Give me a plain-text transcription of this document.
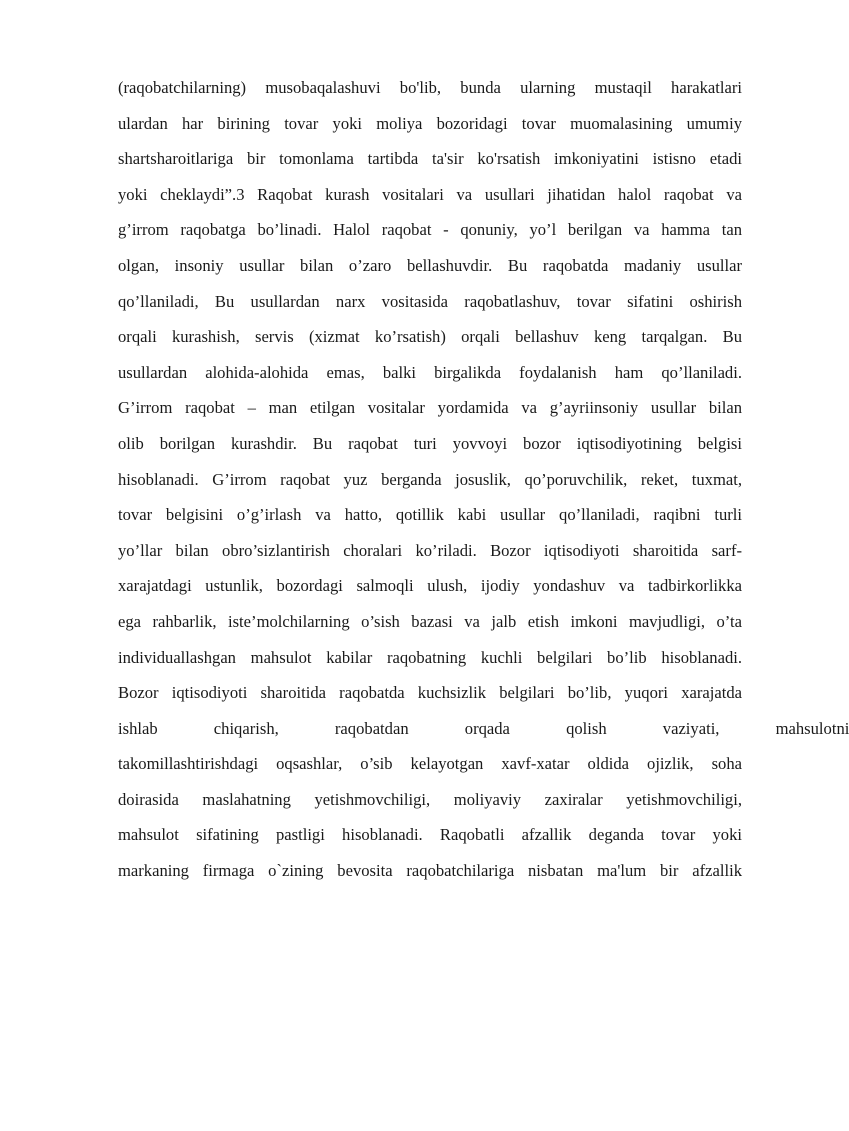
(raqobatchilarning) musobaqalashuvi bo'lib, bunda ularning mustaqil harakatlari
ulardan har birining tovar yoki moliya bozoridagi tovar muomalasining umumiy
shartsharoitlariga bir tomonlama tartibda ta'sir ko'rsatish imkoniyatini istisno etadi
yoki cheklaydi”.3 Raqobat kurash vositalari va usullari jihatidan halol raqobat va
g’irrom raqobatga bo’linadi. Halol raqobat - qonuniy, yo’l berilgan va hamma tan
olgan, insoniy usullar bilan o’zaro bellashuvdir. Bu raqobatda madaniy usullar
qo’llaniladi, Bu usullardan narx vositasida raqobatlashuv, tovar sifatini oshirish
orqali kurashish, servis (xizmat ko’rsatish) orqali bellashuv keng tarqalgan. Bu
usullardan alohida-alohida emas, balki birgalikda foydalanish ham qo’llaniladi.
G’irrom raqobat – man etilgan vositalar yordamida va g’ayriinsoniy usullar bilan
olib borilgan kurashdir. Bu raqobat turi yovvoyi bozor iqtisodiyotining belgisi
hisoblanadi. G’irrom raqobat yuz berganda josuslik, qo’poruvchilik, reket, tuxmat,
tovar belgisini o’g’irlash va hatto, qotillik kabi usullar qo’llaniladi, raqibni turli
yo’llar bilan obro’sizlantirish choralari ko’riladi. Bozor iqtisodiyoti sharoitida sarf-
xarajatdagi ustunlik, bozordagi salmoqli ulush, ijodiy yondashuv va tadbirkorlikka
ega rahbarlik, iste’molchilarning o’sish bazasi va jalb etish imkoni mavjudligi, o’ta
individuallashgan mahsulot kabilar raqobatning kuchli belgilari bo’lib hisoblanadi.
Bozor iqtisodiyoti sharoitida raqobatda kuchsizlik belgilari bo’lib, yuqori xarajatda
ishlab chiqarish, raqobatdan orqada qolish vaziyati, mahsulotni
takomillashtirishdagi oqsashlar, o’sib kelayotgan xavf-xatar oldida ojizlik, soha
doirasida maslahatning yetishmovchiligi, moliyaviy zaxiralar yetishmovchiligi,
mahsulot sifatining pastligi hisoblanadi. Raqobatli afzallik deganda tovar yoki
markaning firmaga o`zining bevosita raqobatchilariga nisbatan ma'lum bir afzallik
